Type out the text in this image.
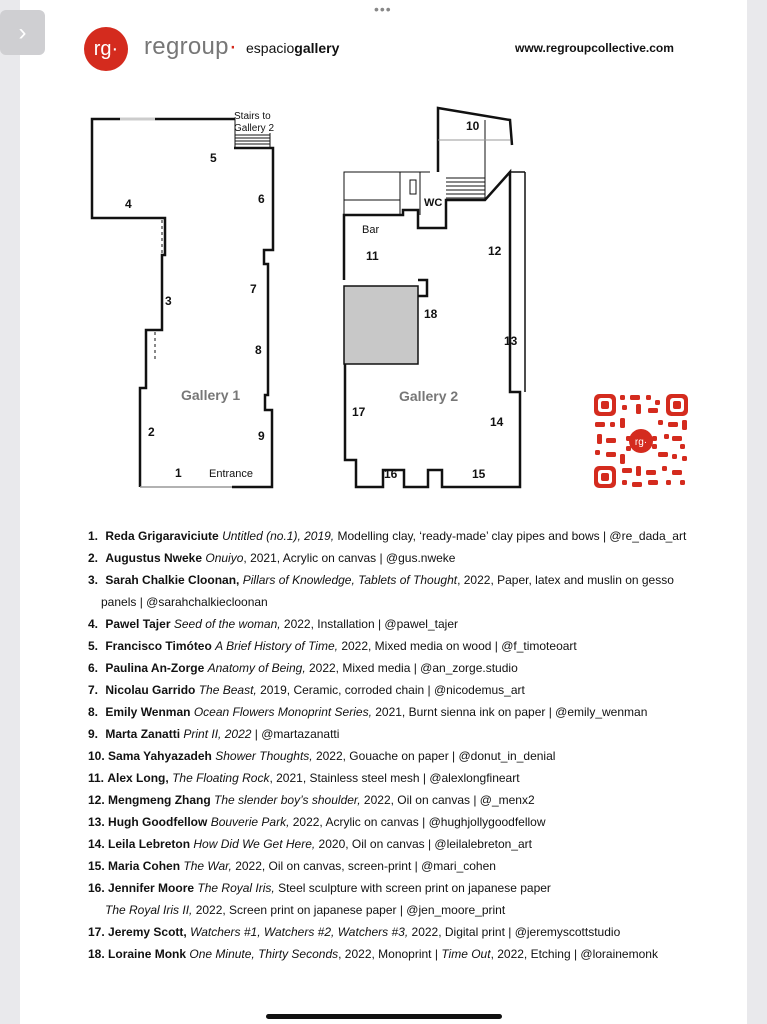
›
•••
rg·	regroup· espaciogallery	www.regroupcollective.com
Stairs to
Gallery 2
Entrance
WC
Bar
1
2
3
4
5
6
7
8
9
10
11	12
13
14
15
16
17
18
Gallery 1	Gallery 2
rg·
1. Reda Grigaraviciute Untitled (no.1), 2019, Modelling clay, ‘ready-made’ clay pipes and bows | @re_dada_art
2. Augustus Nweke Onuiyo, 2021, Acrylic on canvas | @gus.nweke
3. Sarah Chalkie Cloonan, Pillars of Knowledge, Tablets of Thought, 2022, Paper, latex and muslin on gesso
panels | @sarahchalkiecloonan
4. Pawel Tajer Seed of the woman, 2022, Installation | @pawel_tajer
5. Francisco Timóteo A Brief History of Time, 2022, Mixed media on wood | @f_timoteoart
6. Paulina An-Zorge Anatomy of Being, 2022, Mixed media | @an_zorge.studio
7. Nicolau Garrido The Beast, 2019, Ceramic, corroded chain | @nicodemus_art
8. Emily Wenman Ocean Flowers Monoprint Series, 2021, Burnt sienna ink on paper | @emily_wenman
9. Marta Zanatti Print II, 2022 | @martazanatti
10. Sama Yahyazadeh Shower Thoughts, 2022, Gouache on paper | @donut_in_denial
11. Alex Long, The Floating Rock, 2021, Stainless steel mesh | @alexlongfineart
12. Mengmeng Zhang The slender boy’s shoulder, 2022, Oil on canvas | @_menx2
13. Hugh Goodfellow Bouverie Park, 2022, Acrylic on canvas | @hughjollygoodfellow
14. Leila Lebreton How Did We Get Here, 2020, Oil on canvas | @leilalebreton_art
15. Maria Cohen The War, 2022, Oil on canvas, screen-print | @mari_cohen
16. Jennifer Moore The Royal Iris, Steel sculpture with screen print on japanese paper
The Royal Iris II, 2022, Screen print on japanese paper | @jen_moore_print
17. Jeremy Scott, Watchers #1, Watchers #2, Watchers #3, 2022, Digital print | @jeremyscottstudio
18. Loraine Monk One Minute, Thirty Seconds, 2022, Monoprint | Time Out, 2022, Etching | @lorainemonk
